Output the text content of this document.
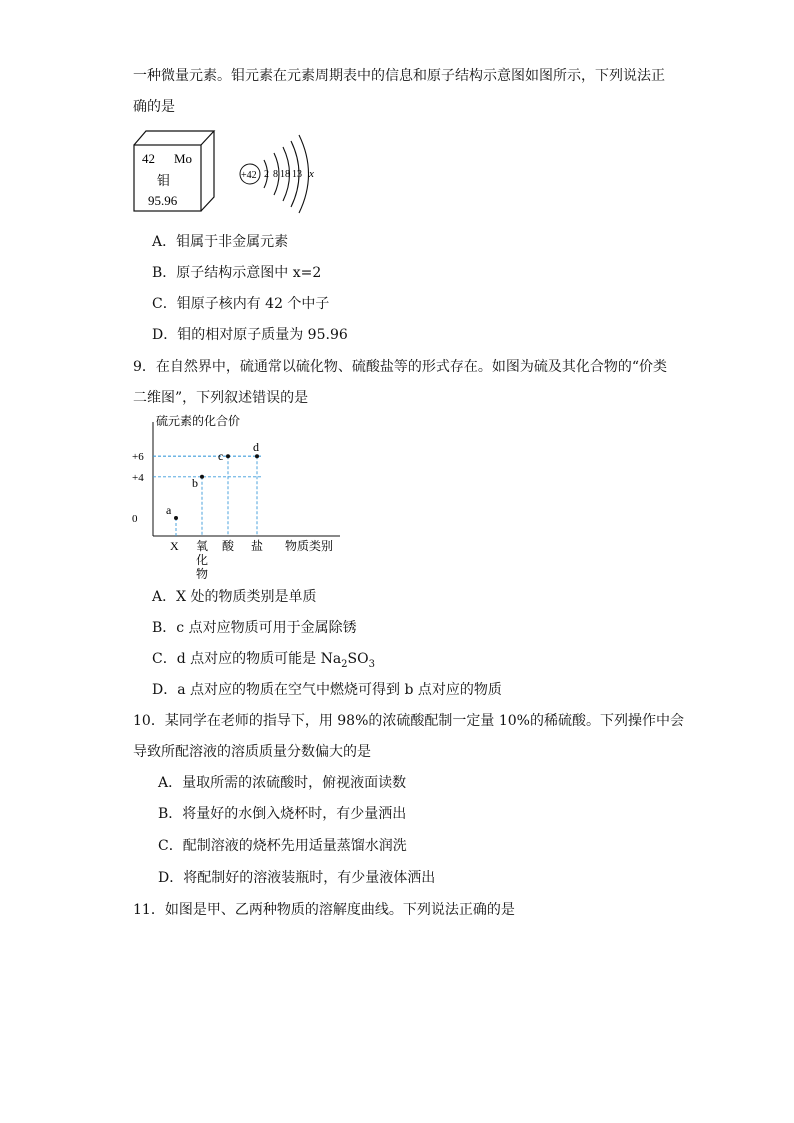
一种微量元素。钼元素在元素周期表中的信息和原子结构示意图如图所示，下列说法正
确的是
42 Mo
钼
95.96
+42 2 8 18 13 x
A．钼属于非金属元素
B．原子结构示意图中 x=2
C．钼原子核内有 42 个中子
D．钼的相对原子质量为 95.96
9．在自然界中，硫通常以硫化物、硫酸盐等的形式存在。如图为硫及其化合物的“价类
二维图”，下列叙述错误的是
硫元素的化合价
物质类别
0
+4
+6
X 氧
化
物
酸 盐
a
b
c
d
A．X 处的物质类别是单质
B．c 点对应物质可用于金属除锈
C．d 点对应的物质可能是 $Na_2SO_3$
D．a 点对应的物质在空气中燃烧可得到 b 点对应的物质
10．某同学在老师的指导下，用 98%的浓硫酸配制一定量 10%的稀硫酸。下列操作中会
导致所配溶液的溶质质量分数偏大的是
A．量取所需的浓硫酸时，俯视液面读数
B．将量好的水倒入烧杯时，有少量洒出
C．配制溶液的烧杯先用适量蒸馏水润洗
D．将配制好的溶液装瓶时，有少量液体洒出
11．如图是甲、乙两种物质的溶解度曲线。下列说法正确的是
